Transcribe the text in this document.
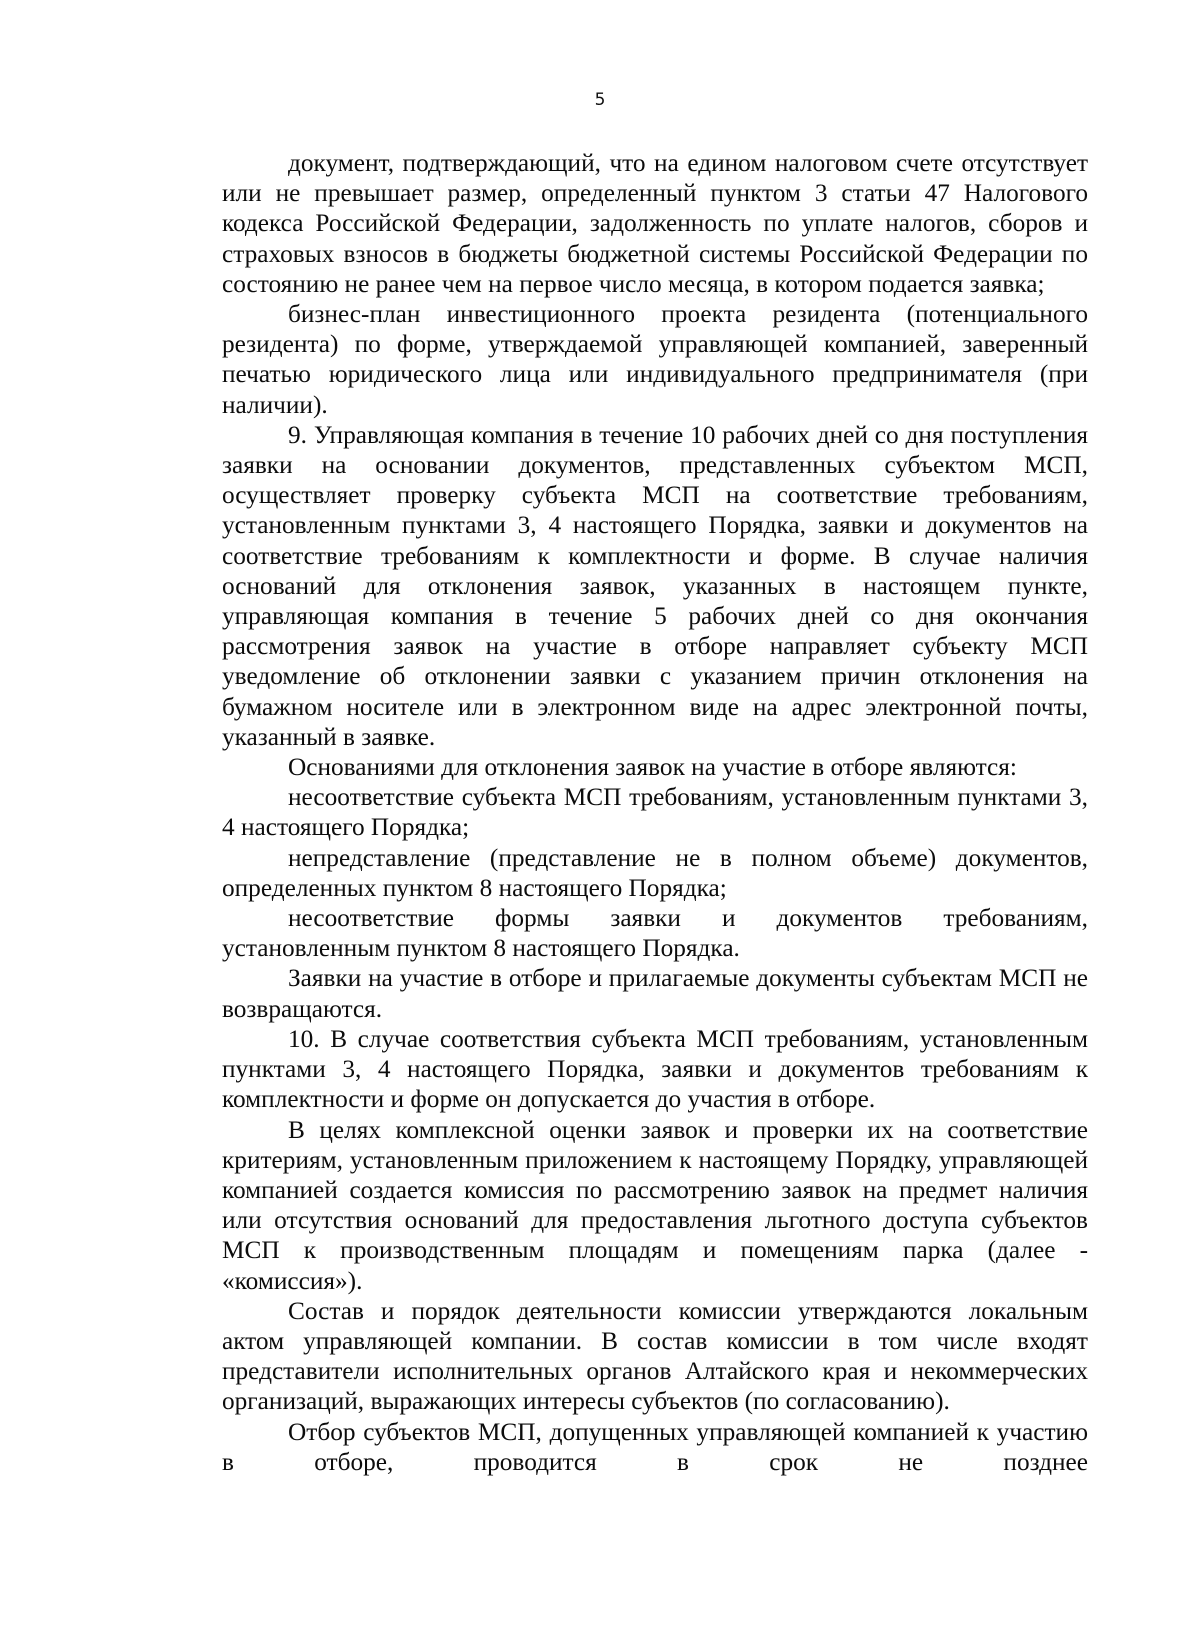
5

документ, подтверждающий, что на едином налоговом счете отсутствует или не превышает размер, определенный пунктом 3 статьи 47 Налогового кодекса Российской Федерации, задолженность по уплате налогов, сборов и страховых взносов в бюджеты бюджетной системы Российской Федерации по состоянию не ранее чем на первое число месяца, в котором подается заявка;

бизнес-план инвестиционного проекта резидента (потенциального резидента) по форме, утверждаемой управляющей компанией, заверенный печатью юридического лица или индивидуального предпринимателя (при наличии).

9. Управляющая компания в течение 10 рабочих дней со дня поступления заявки на основании документов, представленных субъектом МСП, осуществляет проверку субъекта МСП на соответствие требованиям, установленным пунктами 3, 4 настоящего Порядка, заявки и документов на соответствие требованиям к комплектности и форме. В случае наличия оснований для отклонения заявок, указанных в настоящем пункте, управляющая компания в течение 5 рабочих дней со дня окончания рассмотрения заявок на участие в отборе направляет субъекту МСП уведомление об отклонении заявки с указанием причин отклонения на бумажном носителе или в электронном виде на адрес электронной почты, указанный в заявке.

Основаниями для отклонения заявок на участие в отборе являются:

несоответствие субъекта МСП требованиям, установленным пунктами 3, 4 настоящего Порядка;

непредставление (представление не в полном объеме) документов, определенных пунктом 8 настоящего Порядка;

несоответствие формы заявки и документов требованиям, установленным пунктом 8 настоящего Порядка.

Заявки на участие в отборе и прилагаемые документы субъектам МСП не возвращаются.

10. В случае соответствия субъекта МСП требованиям, установленным пунктами 3, 4 настоящего Порядка, заявки и документов требованиям к комплектности и форме он допускается до участия в отборе.

В целях комплексной оценки заявок и проверки их на соответствие критериям, установленным приложением к настоящему Порядку, управляющей компанией создается комиссия по рассмотрению заявок на предмет наличия или отсутствия оснований для предоставления льготного доступа субъектов МСП к производственным площадям и помещениям парка (далее - «комиссия»).

Состав и порядок деятельности комиссии утверждаются локальным актом управляющей компании. В состав комиссии в том числе входят представители исполнительных органов Алтайского края и некоммерческих организаций, выражающих интересы субъектов (по согласованию).

Отбор субъектов МСП, допущенных управляющей компанией к участию в отборе, проводится в срок не позднее
